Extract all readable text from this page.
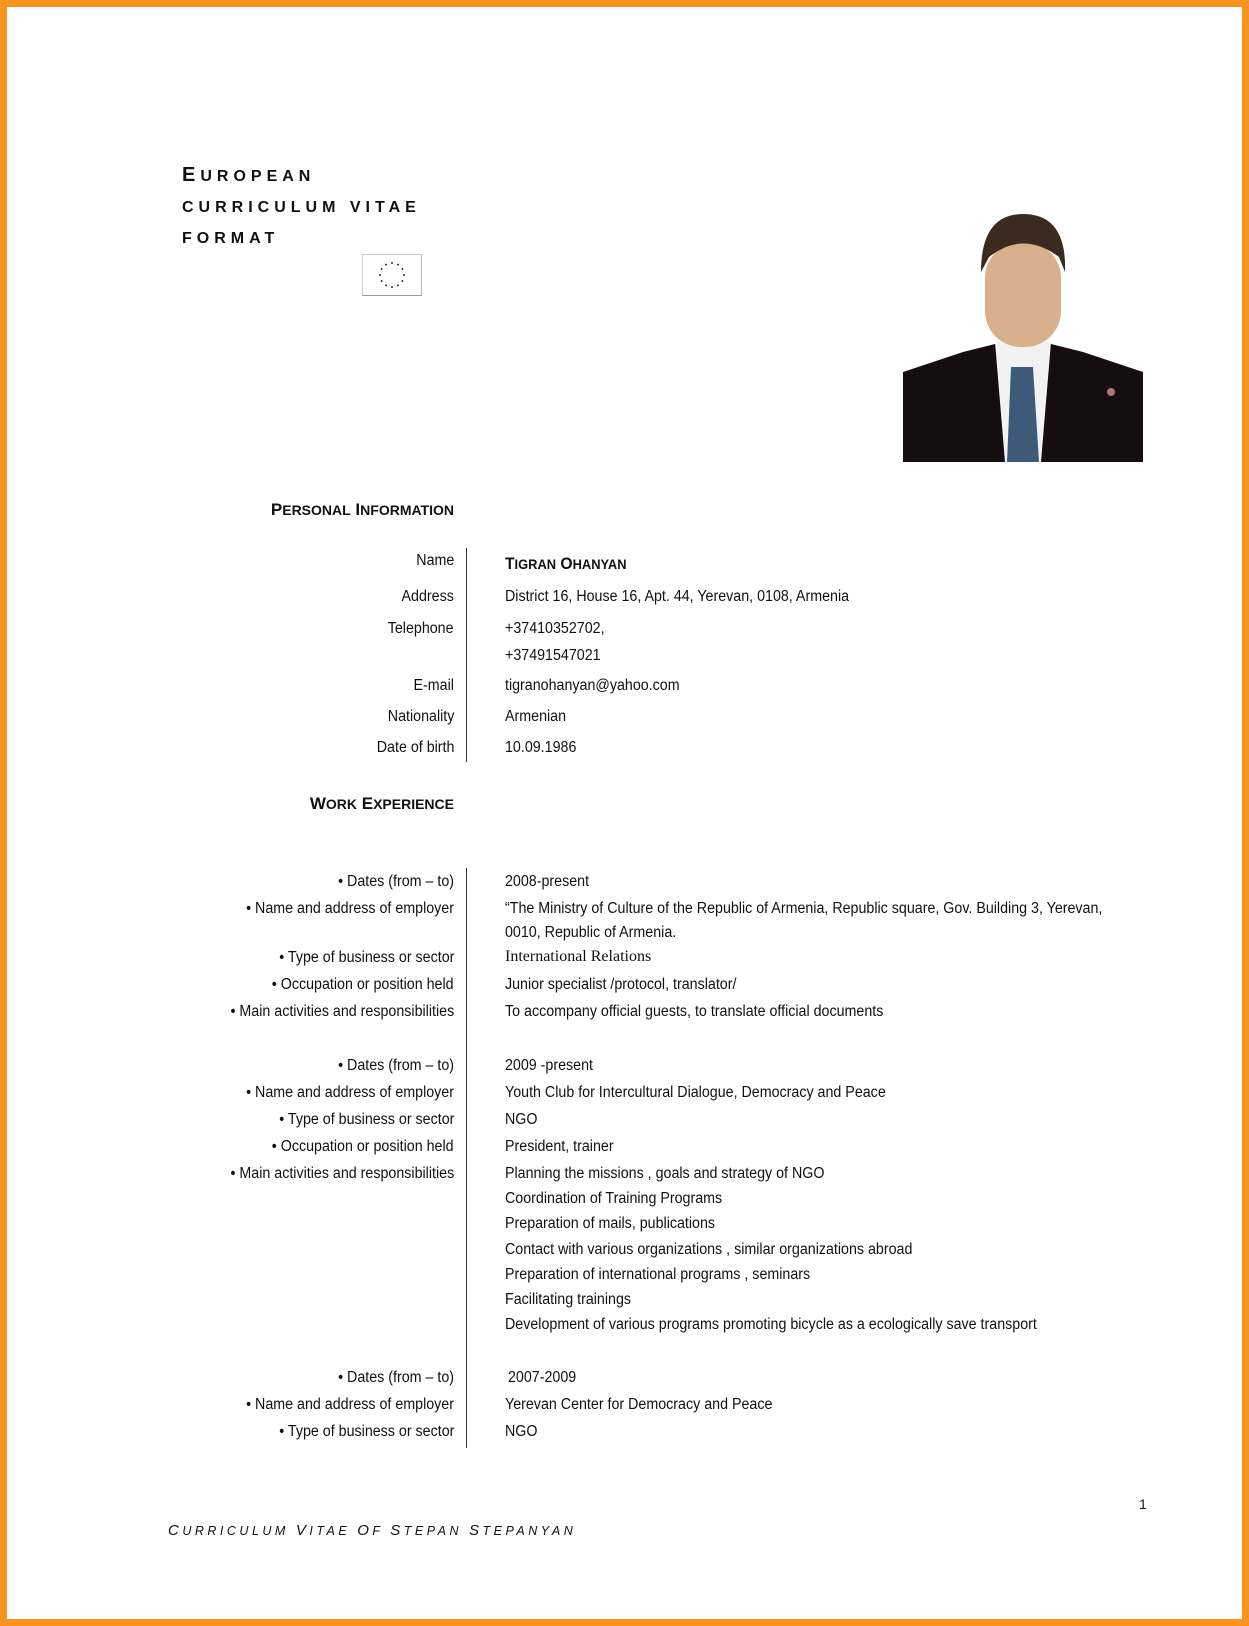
EUROPEAN
CURRICULUM VITAE
FORMAT
PERSONAL INFORMATION
Name	TIGRAN OHANYAN
Address	District 16, House 16, Apt. 44, Yerevan, 0108, Armenia
Telephone	+37410352702,
+37491547021
E-mail	tigranohanyan@yahoo.com
Nationality	Armenian
Date of birth	10.09.1986
WORK EXPERIENCE
• Dates (from – to)	2008-present
• Name and address of employer	“The Ministry of Culture of the Republic of Armenia, Republic square, Gov. Building 3, Yerevan,
0010, Republic of Armenia.
• Type of business or sector	International Relations
• Occupation or position held	Junior specialist /protocol, translator/
• Main activities and responsibilities	To accompany official guests, to translate official documents
• Dates (from – to)	2009 -present
• Name and address of employer	Youth Club for Intercultural Dialogue, Democracy and Peace
• Type of business or sector	NGO
• Occupation or position held	President, trainer
• Main activities and responsibilities	Planning the missions , goals and strategy of NGO
Coordination of Training Programs
Preparation of mails, publications
Contact with various organizations , similar organizations abroad
Preparation of international programs , seminars
Facilitating trainings
Development of various programs promoting bicycle as a ecologically save transport
• Dates (from – to)	2007-2009
• Name and address of employer	Yerevan Center for Democracy and Peace
• Type of business or sector	NGO
1
CURRICULUM VITAE OF STEPAN STEPANYAN
